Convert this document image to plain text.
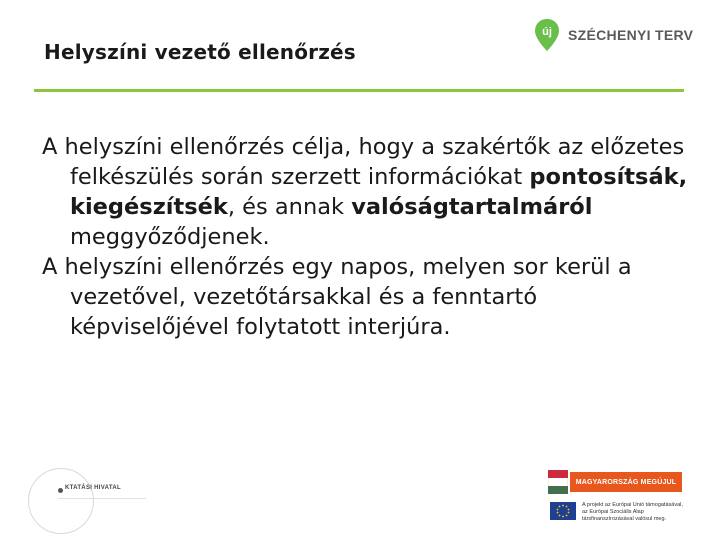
Helyszíni vezető ellenőrzés
új SZÉCHENYI TERV

A helyszíni ellenőrzés célja, hogy a szakértők az előzetes felkészülés során szerzett információkat pontosítsák, kiegészítsék, és annak valóságtartalmáról meggyőződjenek.

A helyszíni ellenőrzés egy napos, melyen sor kerül a vezetővel, vezetőtársakkal és a fenntartó képviselőjével folytatott interjúra.

KTATÁSI HIVATAL
MAGYARORSZÁG MEGÚJUL
A projekt az Európai Unió támogatásával,
az Európai Szociális Alap
társfinanszírozásával valósul meg.
